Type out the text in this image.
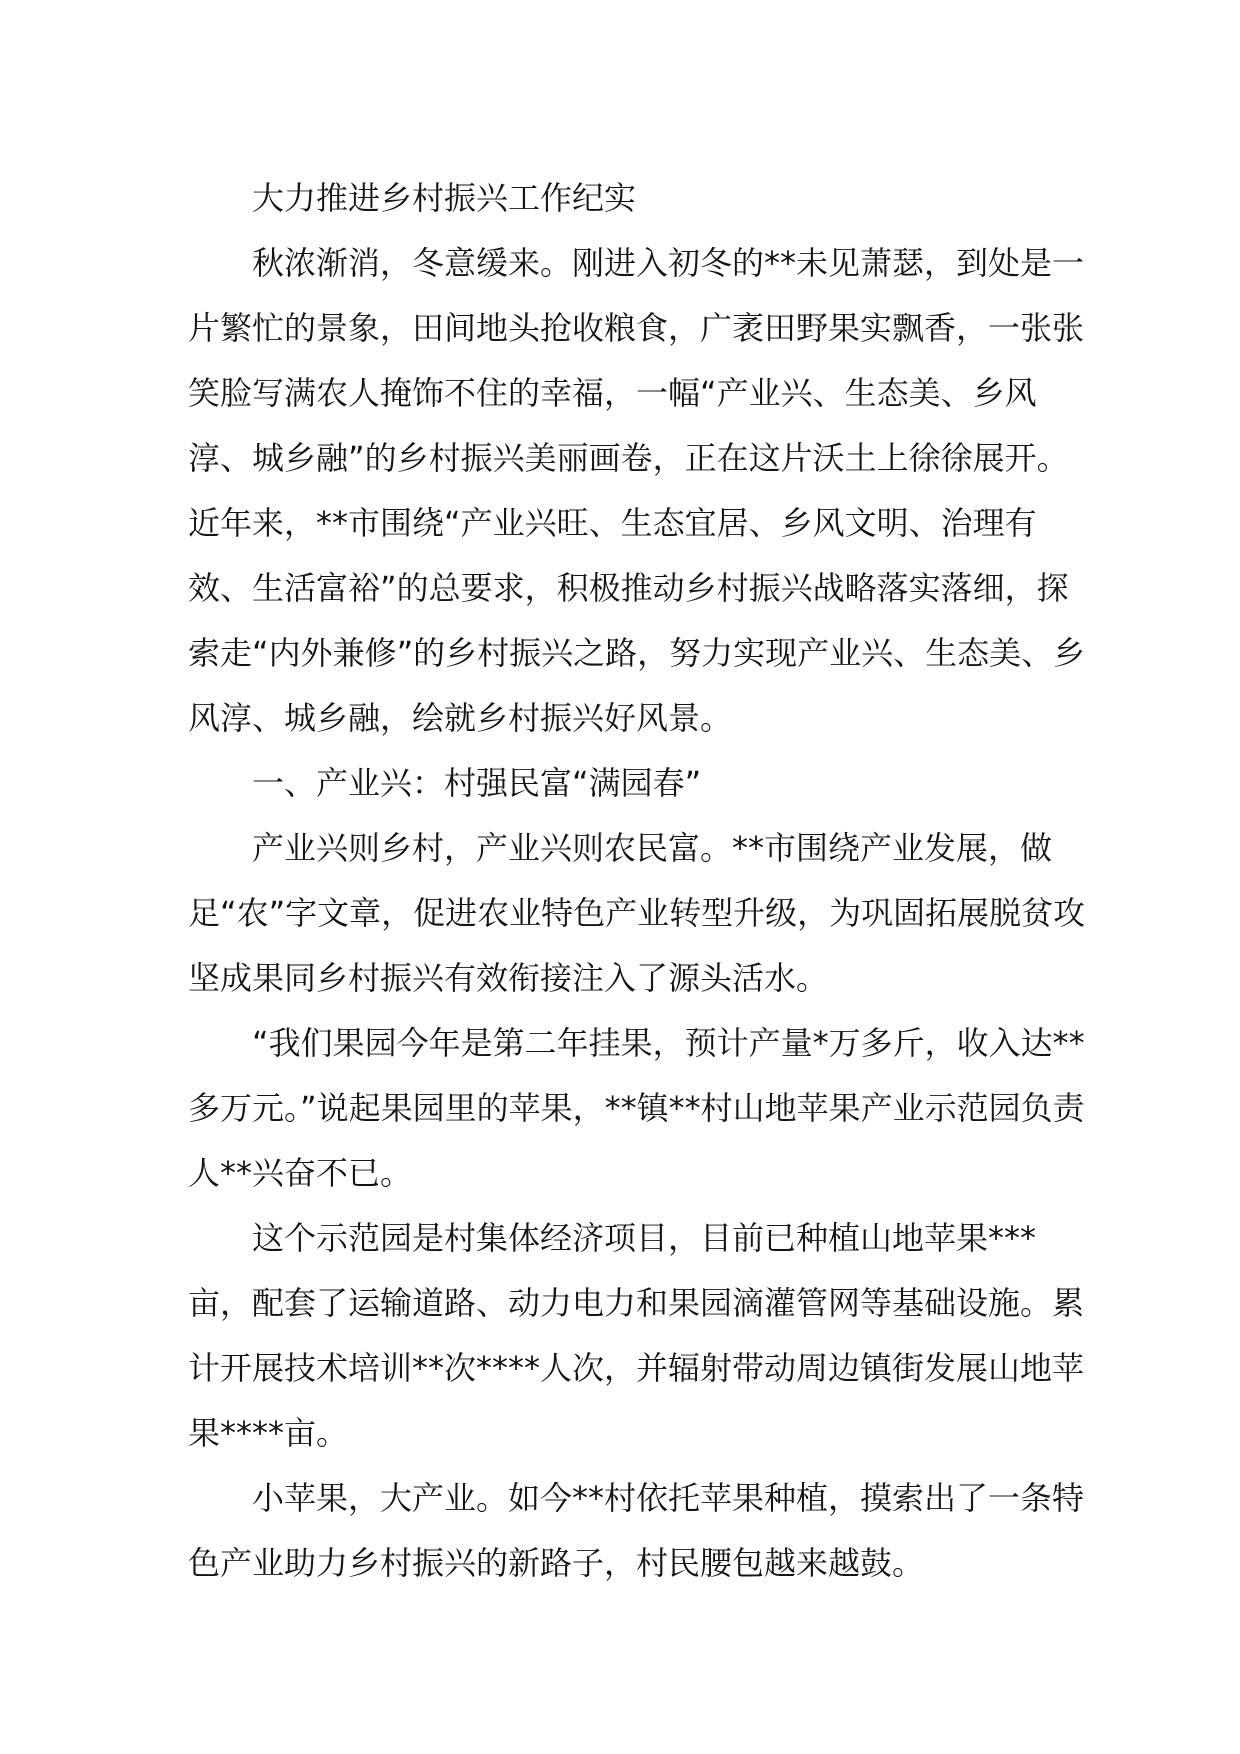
大力推进乡村振兴工作纪实

秋浓渐消，冬意缓来。刚进入初冬的**未见萧瑟，到处是一片繁忙的景象，田间地头抢收粮食，广袤田野果实飘香，一张张笑脸写满农人掩饰不住的幸福，一幅“产业兴、生态美、乡风淳、城乡融”的乡村振兴美丽画卷，正在这片沃土上徐徐展开。近年来，**市围绕“产业兴旺、生态宜居、乡风文明、治理有效、生活富裕”的总要求，积极推动乡村振兴战略落实落细，探索走“内外兼修”的乡村振兴之路，努力实现产业兴、生态美、乡风淳、城乡融，绘就乡村振兴好风景。

一、产业兴：村强民富“满园春”

产业兴则乡村，产业兴则农民富。**市围绕产业发展，做足“农”字文章，促进农业特色产业转型升级，为巩固拓展脱贫攻坚成果同乡村振兴有效衔接注入了源头活水。

“我们果园今年是第二年挂果，预计产量*万多斤，收入达**多万元。”说起果园里的苹果，**镇**村山地苹果产业示范园负责人**兴奋不已。

这个示范园是村集体经济项目，目前已种植山地苹果***亩，配套了运输道路、动力电力和果园滴灌管网等基础设施。累计开展技术培训**次****人次，并辐射带动周边镇街发展山地苹果****亩。

小苹果，大产业。如今**村依托苹果种植，摸索出了一条特色产业助力乡村振兴的新路子，村民腰包越来越鼓。
